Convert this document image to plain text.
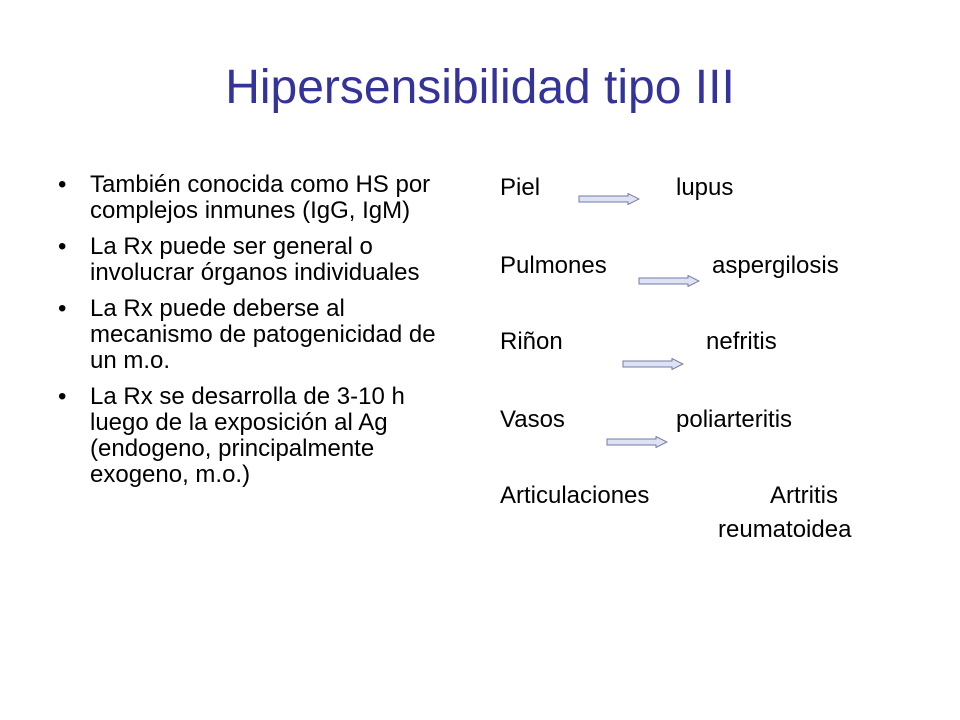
Hipersensibilidad tipo III
• También conocida como HS por complejos inmunes (IgG, IgM)
• La Rx puede ser general o involucrar órganos individuales
• La Rx puede deberse al mecanismo de patogenicidad de un m.o.
• La Rx se desarrolla de 3-10 h luego de la exposición al Ag (endogeno, principalmente exogeno, m.o.)
Piel	lupus
Pulmones	aspergilosis
Riñon	nefritis
Vasos	poliarteritis
Articulaciones	Artritis
reumatoidea
